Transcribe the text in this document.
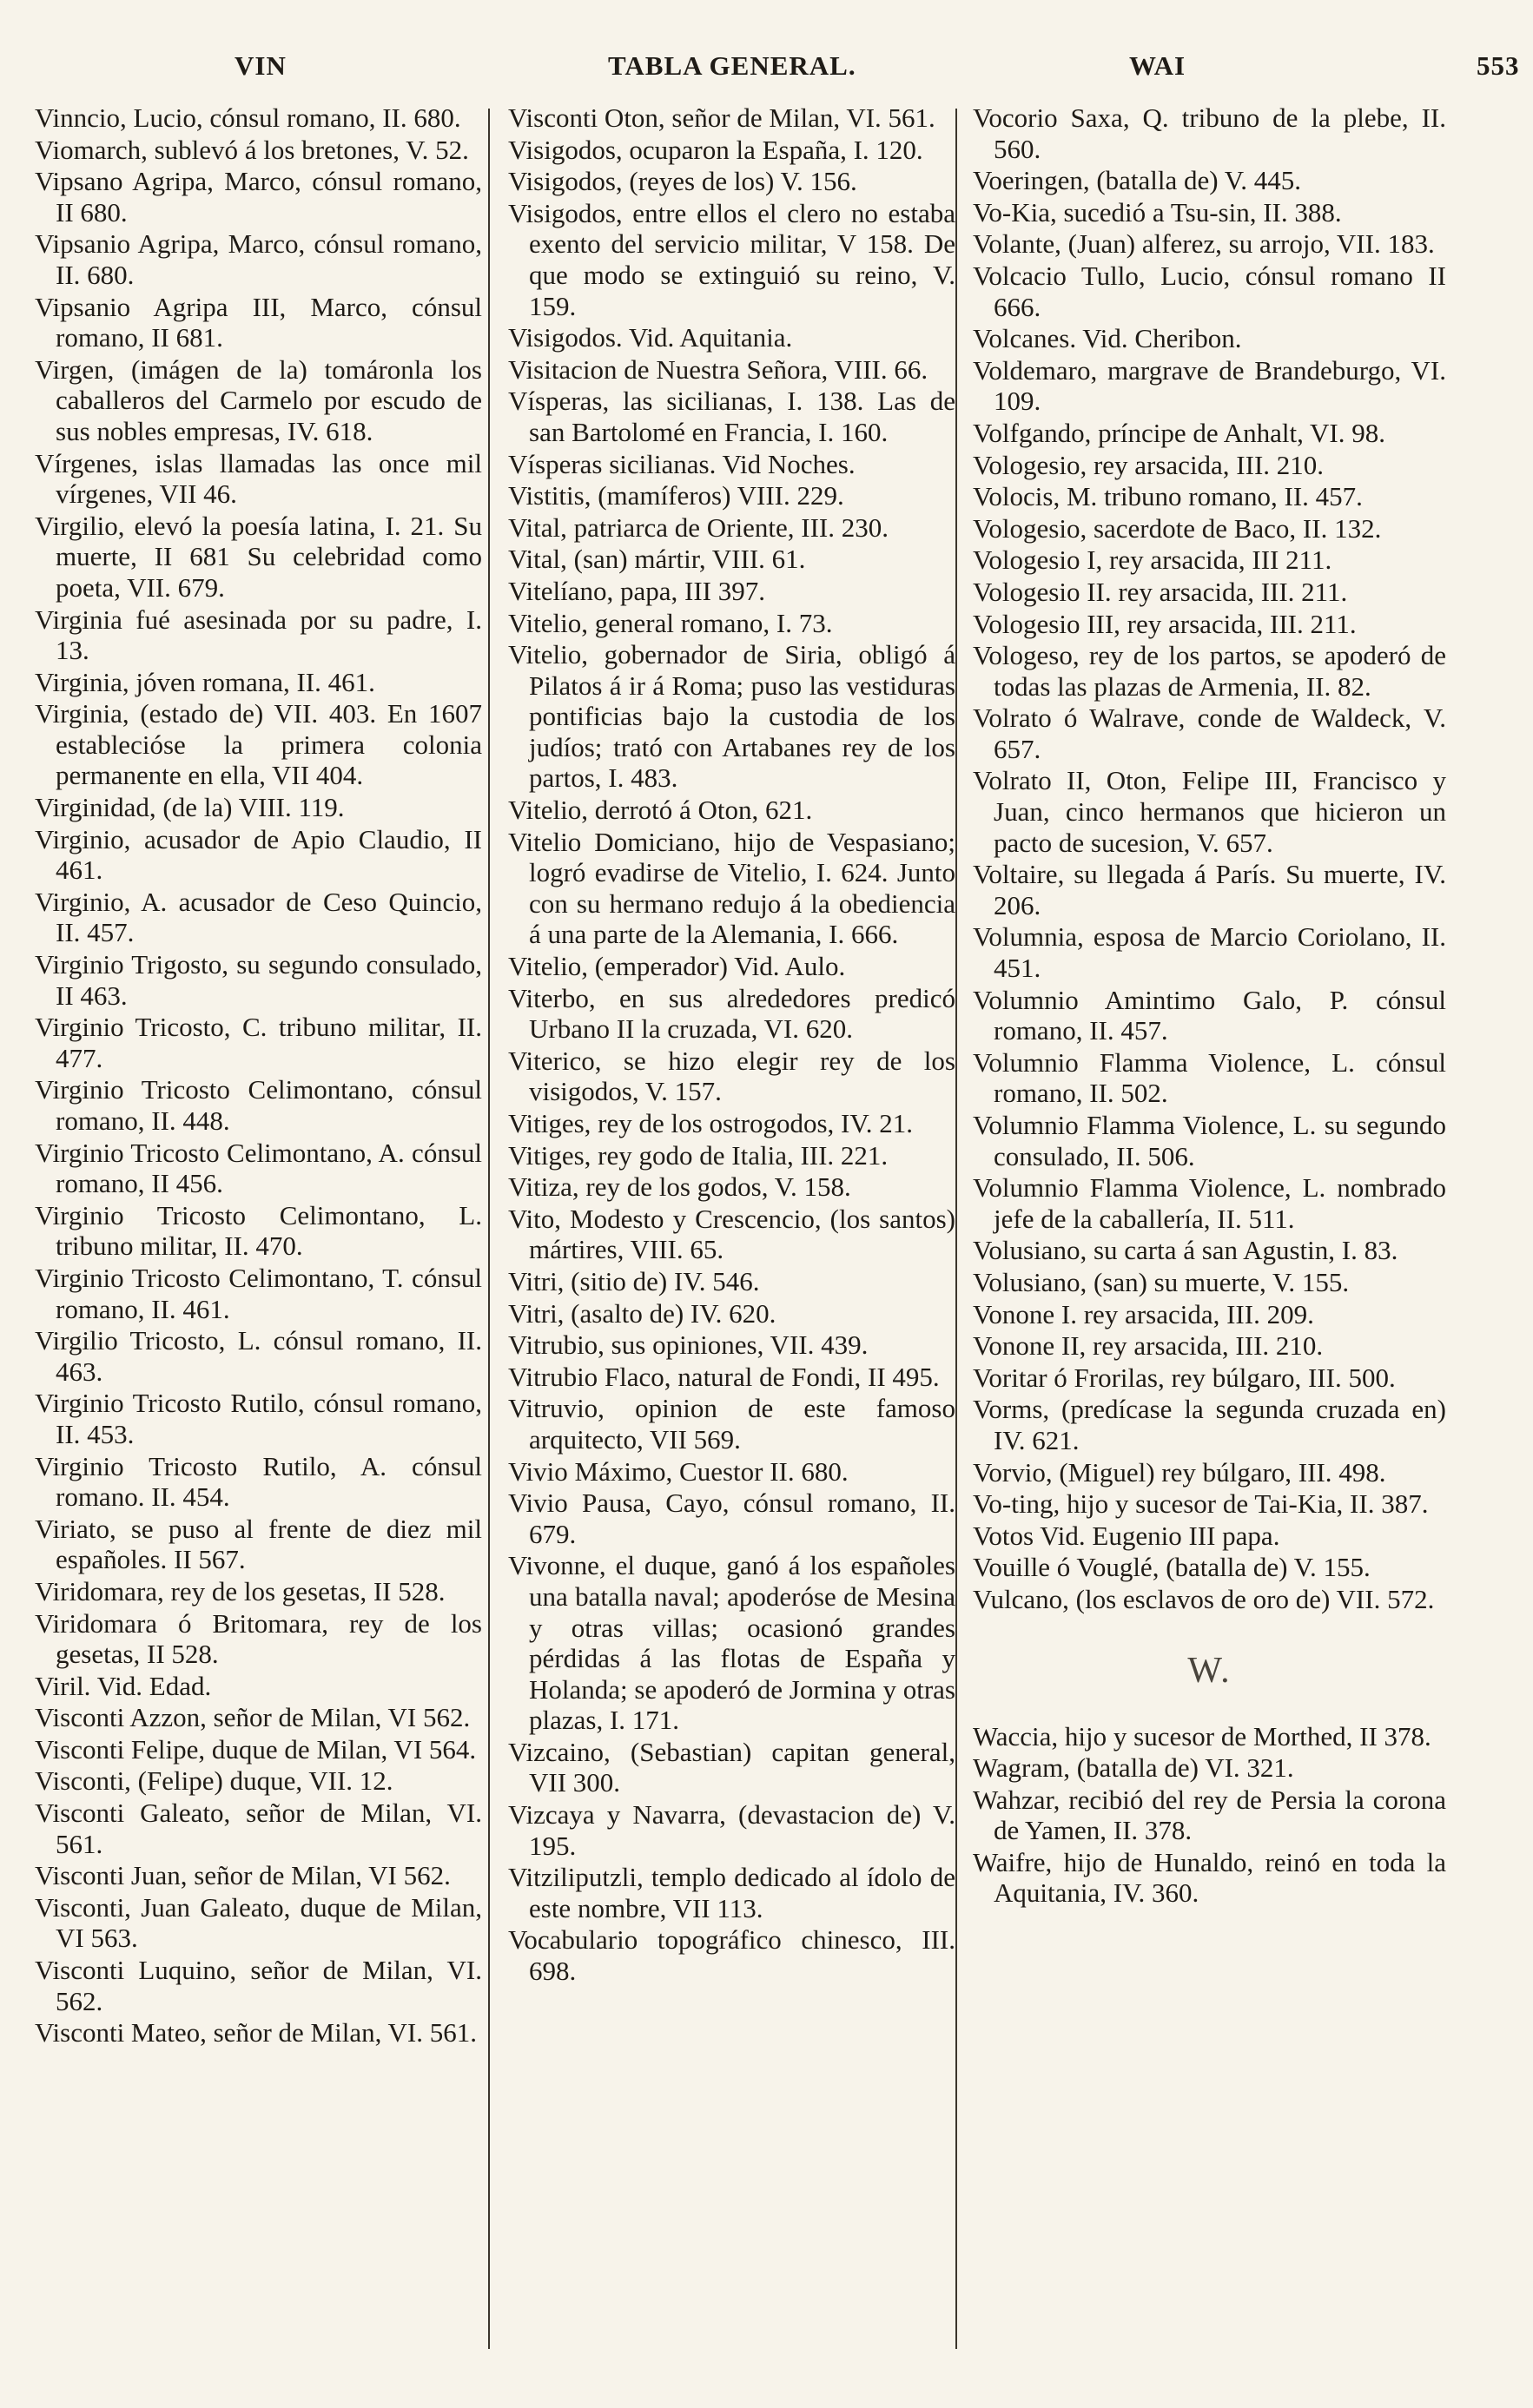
VIN	TABLA GENERAL.	WAI	553

Vinncio, Lucio, cónsul romano, II. 680.

Viomarch, sublevó á los bretones, V. 52.

Vipsano Agripa, Marco, cónsul romano, II 680.

Vipsanio Agripa, Marco, cónsul romano, II. 680.

Vipsanio Agripa III, Marco, cónsul romano, II 681.

Virgen, (imágen de la) tomáronla los caballeros del Carmelo por escudo de sus nobles empresas, IV. 618.

Vírgenes, islas llamadas las once mil vírgenes, VII 46.

Virgilio, elevó la poesía latina, I. 21. Su muerte, II 681 Su celebridad como poeta, VII. 679.

Virginia fué asesinada por su padre, I. 13.

Virginia, jóven romana, II. 461.

Virginia, (estado de) VII. 403. En 1607 establecióse la primera colonia permanente en ella, VII 404.

Virginidad, (de la) VIII. 119.

Virginio, acusador de Apio Claudio, II 461.

Virginio, A. acusador de Ceso Quincio, II. 457.

Virginio Trigosto, su segundo consulado, II 463.

Virginio Tricosto, C. tribuno militar, II. 477.

Virginio Tricosto Celimontano, cónsul romano, II. 448.

Virginio Tricosto Celimontano, A. cónsul romano, II 456.

Virginio Tricosto Celimontano, L. tribuno militar, II. 470.

Virginio Tricosto Celimontano, T. cónsul romano, II. 461.

Virgilio Tricosto, L. cónsul romano, II. 463.

Virginio Tricosto Rutilo, cónsul romano, II. 453.

Virginio Tricosto Rutilo, A. cónsul romano. II. 454.

Viriato, se puso al frente de diez mil españoles. II 567.

Viridomara, rey de los gesetas, II 528.

Viridomara ó Britomara, rey de los gesetas, II 528.

Viril. Vid. Edad.

Visconti Azzon, señor de Milan, VI 562.

Visconti Felipe, duque de Milan, VI 564.

Visconti, (Felipe) duque, VII. 12.

Visconti Galeato, señor de Milan, VI. 561.

Visconti Juan, señor de Milan, VI 562.

Visconti, Juan Galeato, duque de Milan, VI 563.

Visconti Luquino, señor de Milan, VI. 562.

Visconti Mateo, señor de Milan, VI. 561.

Visconti Oton, señor de Milan, VI. 561.

Visigodos, ocuparon la España, I. 120.

Visigodos, (reyes de los) V. 156.

Visigodos, entre ellos el clero no estaba exento del servicio militar, V 158. De que modo se extinguió su reino, V. 159.

Visigodos. Vid. Aquitania.

Visitacion de Nuestra Señora, VIII. 66.

Vísperas, las sicilianas, I. 138. Las de san Bartolomé en Francia, I. 160.

Vísperas sicilianas. Vid Noches.

Vistitis, (mamíferos) VIII. 229.

Vital, patriarca de Oriente, III. 230.

Vital, (san) mártir, VIII. 61.

Vitelíano, papa, III 397.

Vitelio, general romano, I. 73.

Vitelio, gobernador de Siria, obligó á Pilatos á ir á Roma; puso las vestiduras pontificias bajo la custodia de los judíos; trató con Artabanes rey de los partos, I. 483.

Vitelio, derrotó á Oton, 621.

Vitelio Domiciano, hijo de Vespasiano; logró evadirse de Vitelio, I. 624. Junto con su hermano redujo á la obediencia á una parte de la Alemania, I. 666.

Vitelio, (emperador) Vid. Aulo.

Viterbo, en sus alrededores predicó Urbano II la cruzada, VI. 620.

Viterico, se hizo elegir rey de los visigodos, V. 157.

Vitiges, rey de los ostrogodos, IV. 21.

Vitiges, rey godo de Italia, III. 221.

Vitiza, rey de los godos, V. 158.

Vito, Modesto y Crescencio, (los santos) mártires, VIII. 65.

Vitri, (sitio de) IV. 546.

Vitri, (asalto de) IV. 620.

Vitrubio, sus opiniones, VII. 439.

Vitrubio Flaco, natural de Fondi, II 495.

Vitruvio, opinion de este famoso arquitecto, VII 569.

Vivio Máximo, Cuestor II. 680.

Vivio Pausa, Cayo, cónsul romano, II. 679.

Vivonne, el duque, ganó á los españoles una batalla naval; apoderóse de Mesina y otras villas; ocasionó grandes pérdidas á las flotas de España y Holanda; se apoderó de Jormina y otras plazas, I. 171.

Vizcaino, (Sebastian) capitan general, VII 300.

Vizcaya y Navarra, (devastacion de) V. 195.

Vitziliputzli, templo dedicado al ídolo de este nombre, VII 113.

Vocabulario topográfico chinesco, III. 698.

Vocorio Saxa, Q. tribuno de la plebe, II. 560.

Voeringen, (batalla de) V. 445.

Vo-Kia, sucedió a Tsu-sin, II. 388.

Volante, (Juan) alferez, su arrojo, VII. 183.

Volcacio Tullo, Lucio, cónsul romano II 666.

Volcanes. Vid. Cheribon.

Voldemaro, margrave de Brandeburgo, VI. 109.

Volfgando, príncipe de Anhalt, VI. 98.

Vologesio, rey arsacida, III. 210.

Volocis, M. tribuno romano, II. 457.

Vologesio, sacerdote de Baco, II. 132.

Vologesio I, rey arsacida, III 211.

Vologesio II. rey arsacida, III. 211.

Vologesio III, rey arsacida, III. 211.

Vologeso, rey de los partos, se apoderó de todas las plazas de Armenia, II. 82.

Volrato ó Walrave, conde de Waldeck, V. 657.

Volrato II, Oton, Felipe III, Francisco y Juan, cinco hermanos que hicieron un pacto de sucesion, V. 657.

Voltaire, su llegada á París. Su muerte, IV. 206.

Volumnia, esposa de Marcio Coriolano, II. 451.

Volumnio Amintimo Galo, P. cónsul romano, II. 457.

Volumnio Flamma Violence, L. cónsul romano, II. 502.

Volumnio Flamma Violence, L. su segundo consulado, II. 506.

Volumnio Flamma Violence, L. nombrado jefe de la caballería, II. 511.

Volusiano, su carta á san Agustin, I. 83.

Volusiano, (san) su muerte, V. 155.

Vonone I. rey arsacida, III. 209.

Vonone II, rey arsacida, III. 210.

Voritar ó Frorilas, rey búlgaro, III. 500.

Vorms, (predícase la segunda cruzada en) IV. 621.

Vorvio, (Miguel) rey búlgaro, III. 498.

Vo-ting, hijo y sucesor de Tai-Kia, II. 387.

Votos Vid. Eugenio III papa.

Vouille ó Vouglé, (batalla de) V. 155.

Vulcano, (los esclavos de oro de) VII. 572.

W.

Waccia, hijo y sucesor de Morthed, II 378.

Wagram, (batalla de) VI. 321.

Wahzar, recibió del rey de Persia la corona de Yamen, II. 378.

Waifre, hijo de Hunaldo, reinó en toda la Aquitania, IV. 360.
